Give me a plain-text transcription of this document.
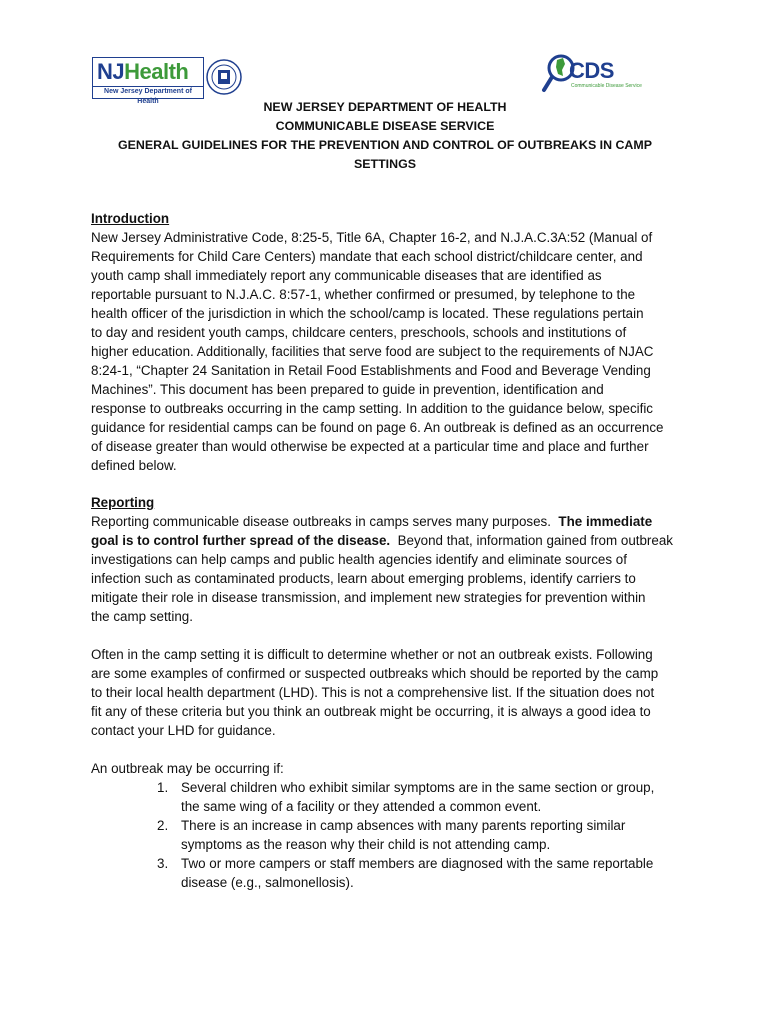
NJHealth
New Jersey Department of Health
CDS
Communicable Disease Service
NEW JERSEY DEPARTMENT OF HEALTH
COMMUNICABLE DISEASE SERVICE
GENERAL GUIDELINES FOR THE PREVENTION AND CONTROL OF OUTBREAKS IN CAMP
SETTINGS
Introduction
New Jersey Administrative Code, 8:25-5, Title 6A, Chapter 16-2, and N.J.A.C.3A:52 (Manual of
Requirements for Child Care Centers) mandate that each school district/childcare center, and
youth camp shall immediately report any communicable diseases that are identified as
reportable pursuant to N.J.A.C. 8:57-1, whether confirmed or presumed, by telephone to the
health officer of the jurisdiction in which the school/camp is located. These regulations pertain
to day and resident youth camps, childcare centers, preschools, schools and institutions of
higher education. Additionally, facilities that serve food are subject to the requirements of NJAC
8:24-1, “Chapter 24 Sanitation in Retail Food Establishments and Food and Beverage Vending
Machines”. This document has been prepared to guide in prevention, identification and
response to outbreaks occurring in the camp setting. In addition to the guidance below, specific
guidance for residential camps can be found on page 6. An outbreak is defined as an occurrence
of disease greater than would otherwise be expected at a particular time and place and further
defined below.
Reporting
Reporting communicable disease outbreaks in camps serves many purposes.  The immediate
goal is to control further spread of the disease.  Beyond that, information gained from outbreak
investigations can help camps and public health agencies identify and eliminate sources of
infection such as contaminated products, learn about emerging problems, identify carriers to
mitigate their role in disease transmission, and implement new strategies for prevention within
the camp setting.
Often in the camp setting it is difficult to determine whether or not an outbreak exists. Following
are some examples of confirmed or suspected outbreaks which should be reported by the camp
to their local health department (LHD). This is not a comprehensive list. If the situation does not
fit any of these criteria but you think an outbreak might be occurring, it is always a good idea to
contact your LHD for guidance.
An outbreak may be occurring if:
1. Several children who exhibit similar symptoms are in the same section or group,
the same wing of a facility or they attended a common event.
2. There is an increase in camp absences with many parents reporting similar
symptoms as the reason why their child is not attending camp.
3. Two or more campers or staff members are diagnosed with the same reportable
disease (e.g., salmonellosis).
